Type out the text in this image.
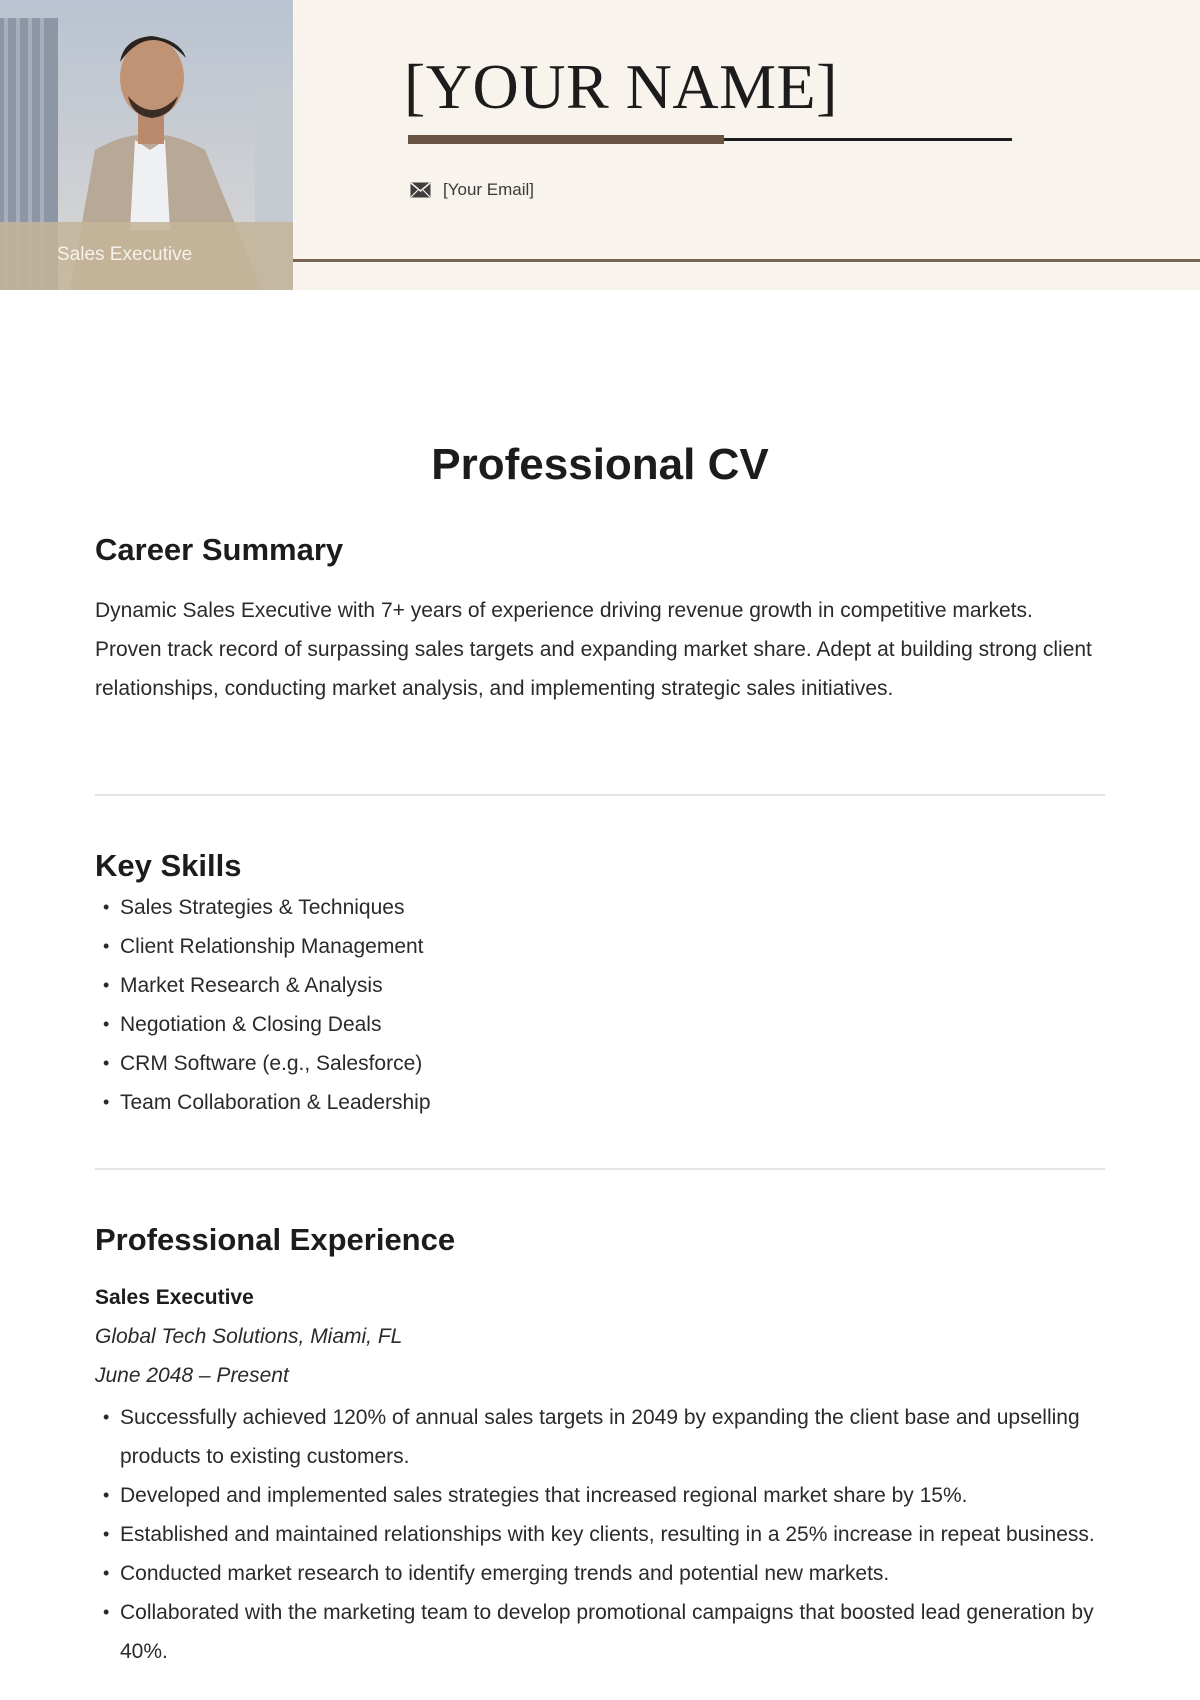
Sales Executive
[YOUR NAME]
[Your Email]
Professional CV
Career Summary
Dynamic Sales Executive with 7+ years of experience driving revenue growth in competitive markets. Proven track record of surpassing sales targets and expanding market share. Adept at building strong client relationships, conducting market analysis, and implementing strategic sales initiatives.
Key Skills
• Sales Strategies & Techniques
• Client Relationship Management
• Market Research & Analysis
• Negotiation & Closing Deals
• CRM Software (e.g., Salesforce)
• Team Collaboration & Leadership
Professional Experience
Sales Executive
Global Tech Solutions, Miami, FL
June 2048 – Present
• Successfully achieved 120% of annual sales targets in 2049 by expanding the client base and upselling products to existing customers.
• Developed and implemented sales strategies that increased regional market share by 15%.
• Established and maintained relationships with key clients, resulting in a 25% increase in repeat business.
• Conducted market research to identify emerging trends and potential new markets.
• Collaborated with the marketing team to develop promotional campaigns that boosted lead generation by 40%.
